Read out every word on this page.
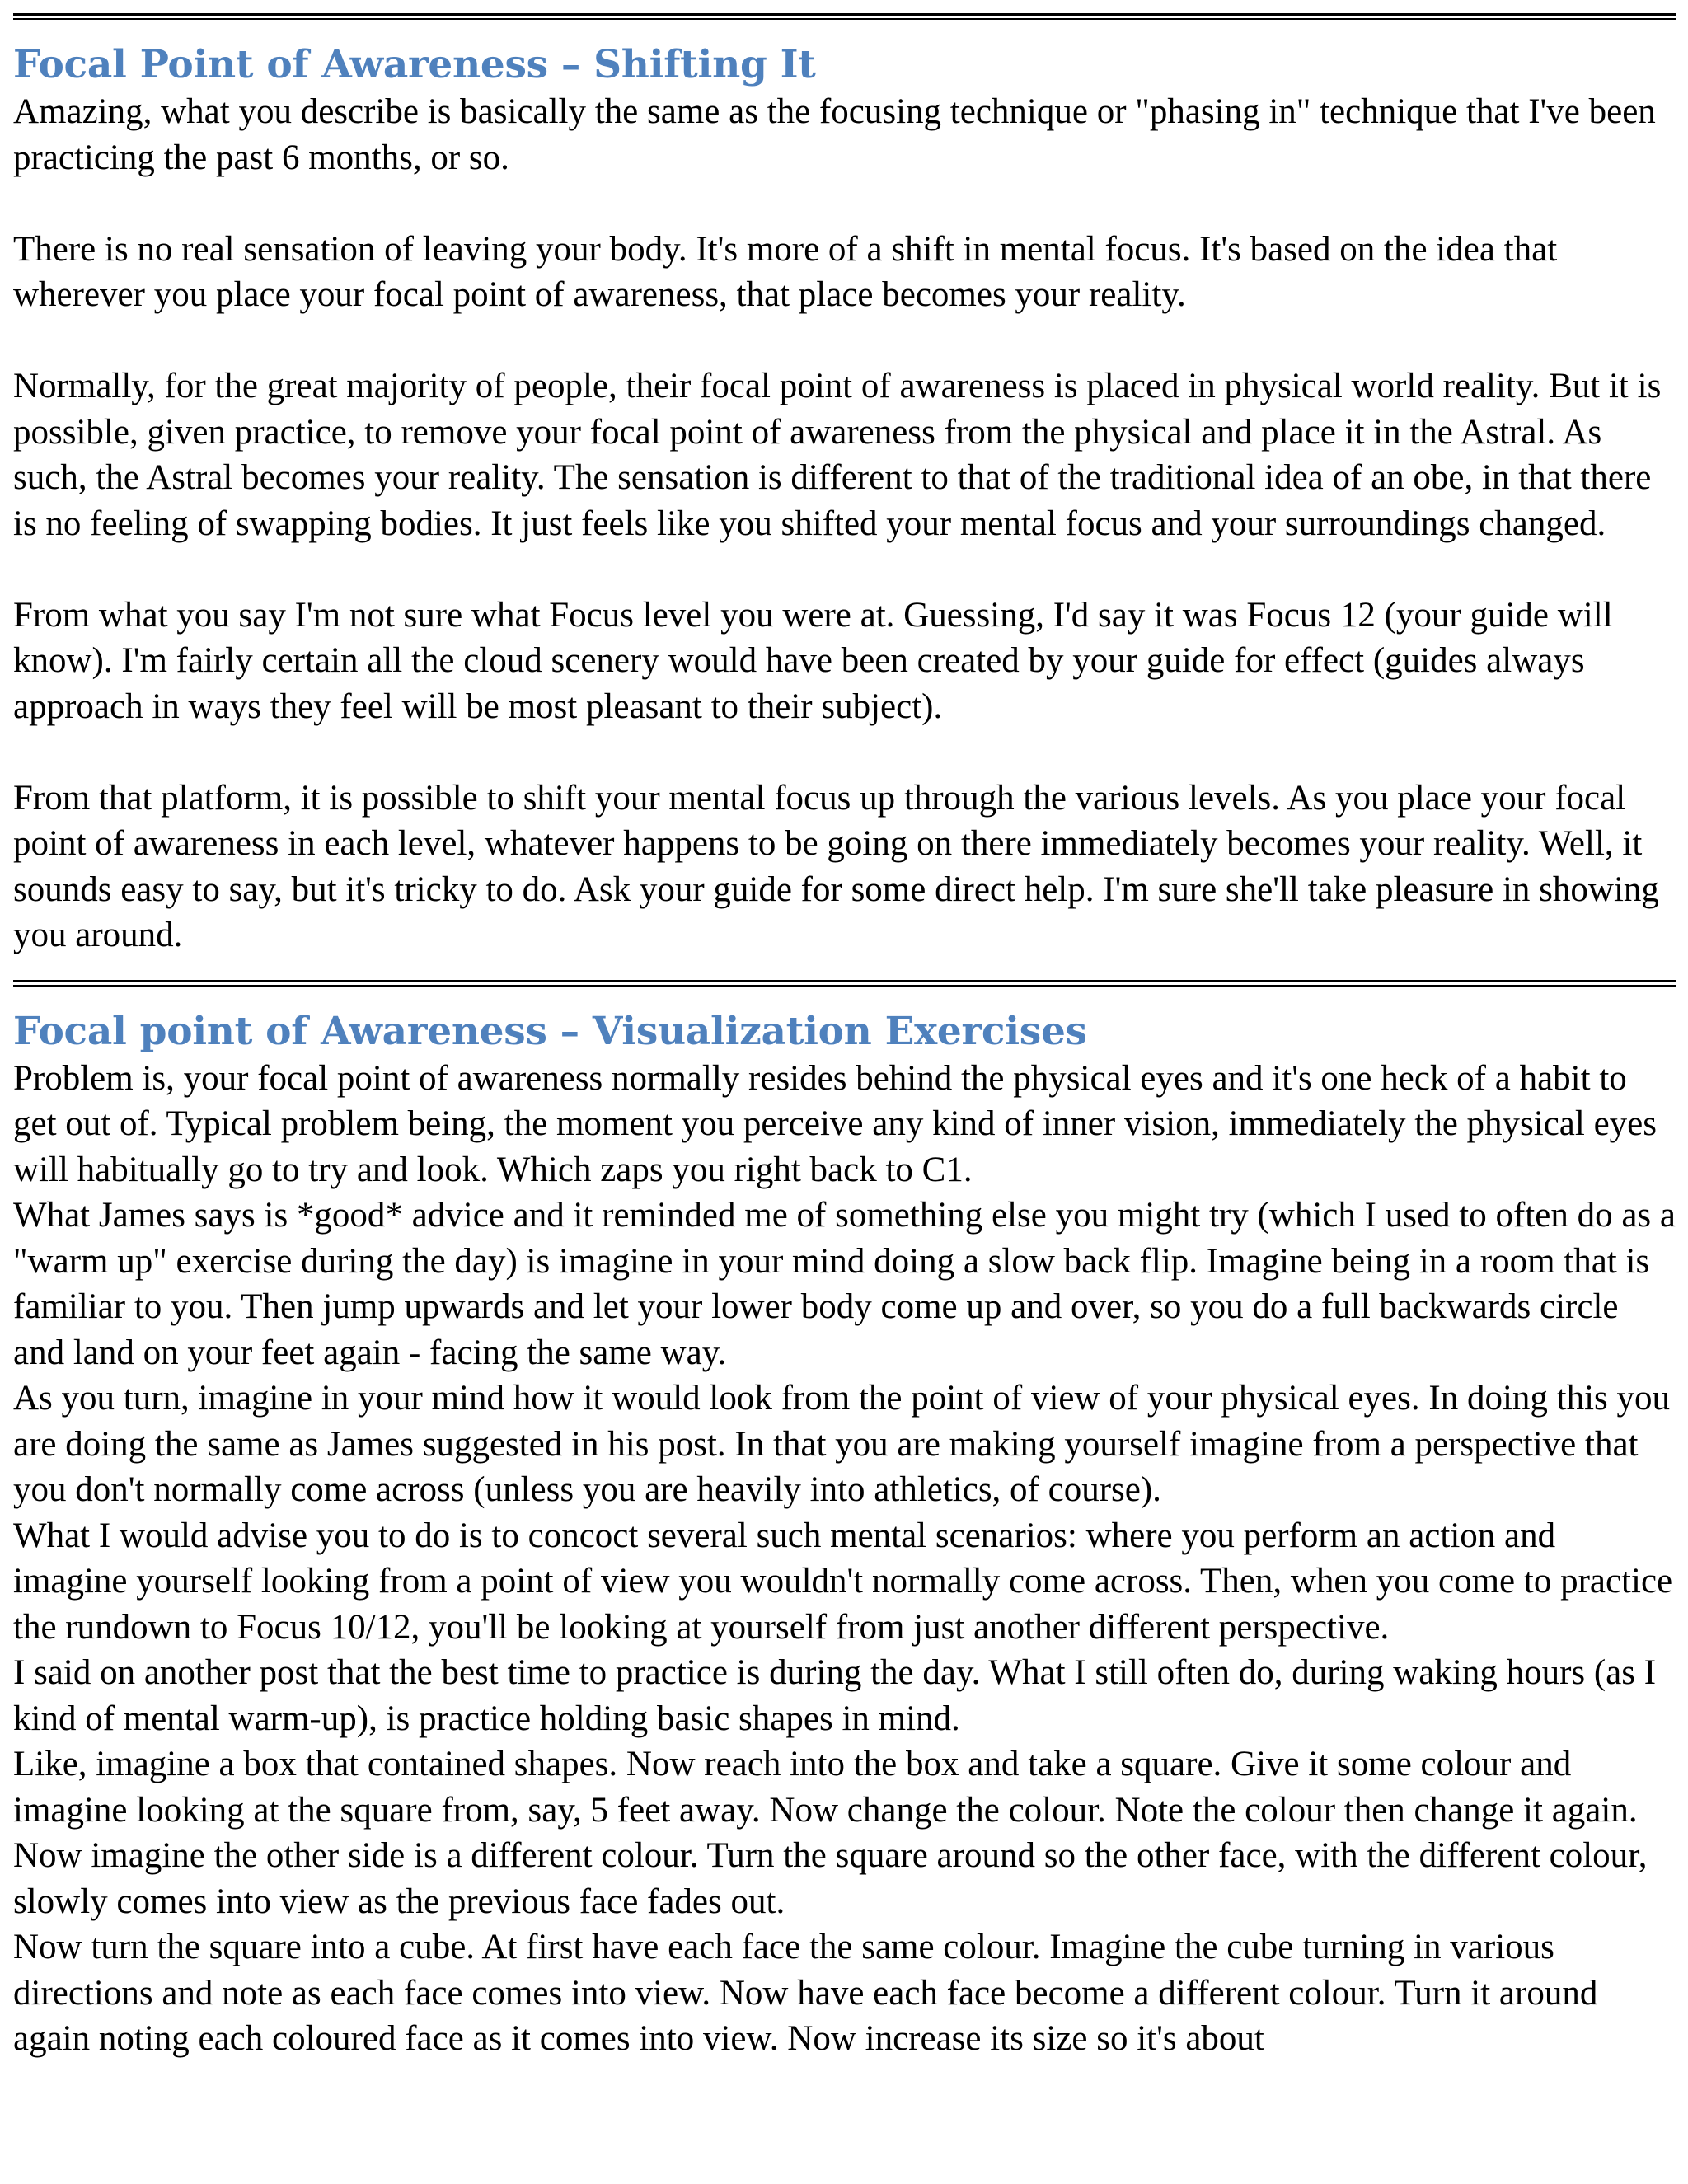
Focal Point of Awareness – Shifting It

Amazing, what you describe is basically the same as the focusing technique or "phasing in" technique that I've been practicing the past 6 months, or so.

There is no real sensation of leaving your body. It's more of a shift in mental focus. It's based on the idea that wherever you place your focal point of awareness, that place becomes your reality.

Normally, for the great majority of people, their focal point of awareness is placed in physical world reality. But it is possible, given practice, to remove your focal point of awareness from the physical and place it in the Astral. As such, the Astral becomes your reality. The sensation is different to that of the traditional idea of an obe, in that there is no feeling of swapping bodies. It just feels like you shifted your mental focus and your surroundings changed.

From what you say I'm not sure what Focus level you were at. Guessing, I'd say it was Focus 12 (your guide will know). I'm fairly certain all the cloud scenery would have been created by your guide for effect (guides always approach in ways they feel will be most pleasant to their subject).

From that platform, it is possible to shift your mental focus up through the various levels. As you place your focal point of awareness in each level, whatever happens to be going on there immediately becomes your reality. Well, it sounds easy to say, but it's tricky to do. Ask your guide for some direct help. I'm sure she'll take pleasure in showing you around.

Focal point of Awareness – Visualization Exercises

Problem is, your focal point of awareness normally resides behind the physical eyes and it's one heck of a habit to get out of. Typical problem being, the moment you perceive any kind of inner vision, immediately the physical eyes will habitually go to try and look. Which zaps you right back to C1.

What James says is *good* advice and it reminded me of something else you might try (which I used to often do as a "warm up" exercise during the day) is imagine in your mind doing a slow back flip. Imagine being in a room that is familiar to you. Then jump upwards and let your lower body come up and over, so you do a full backwards circle and land on your feet again - facing the same way.

As you turn, imagine in your mind how it would look from the point of view of your physical eyes. In doing this you are doing the same as James suggested in his post. In that you are making yourself imagine from a perspective that you don't normally come across (unless you are heavily into athletics, of course).

What I would advise you to do is to concoct several such mental scenarios: where you perform an action and imagine yourself looking from a point of view you wouldn't normally come across. Then, when you come to practice the rundown to Focus 10/12, you'll be looking at yourself from just another different perspective.

I said on another post that the best time to practice is during the day. What I still often do, during waking hours (as I kind of mental warm-up), is practice holding basic shapes in mind.

Like, imagine a box that contained shapes. Now reach into the box and take a square. Give it some colour and imagine looking at the square from, say, 5 feet away. Now change the colour. Note the colour then change it again. Now imagine the other side is a different colour. Turn the square around so the other face, with the different colour, slowly comes into view as the previous face fades out.

Now turn the square into a cube. At first have each face the same colour. Imagine the cube turning in various directions and note as each face comes into view. Now have each face become a different colour. Turn it around again noting each coloured face as it comes into view. Now increase its size so it's about
